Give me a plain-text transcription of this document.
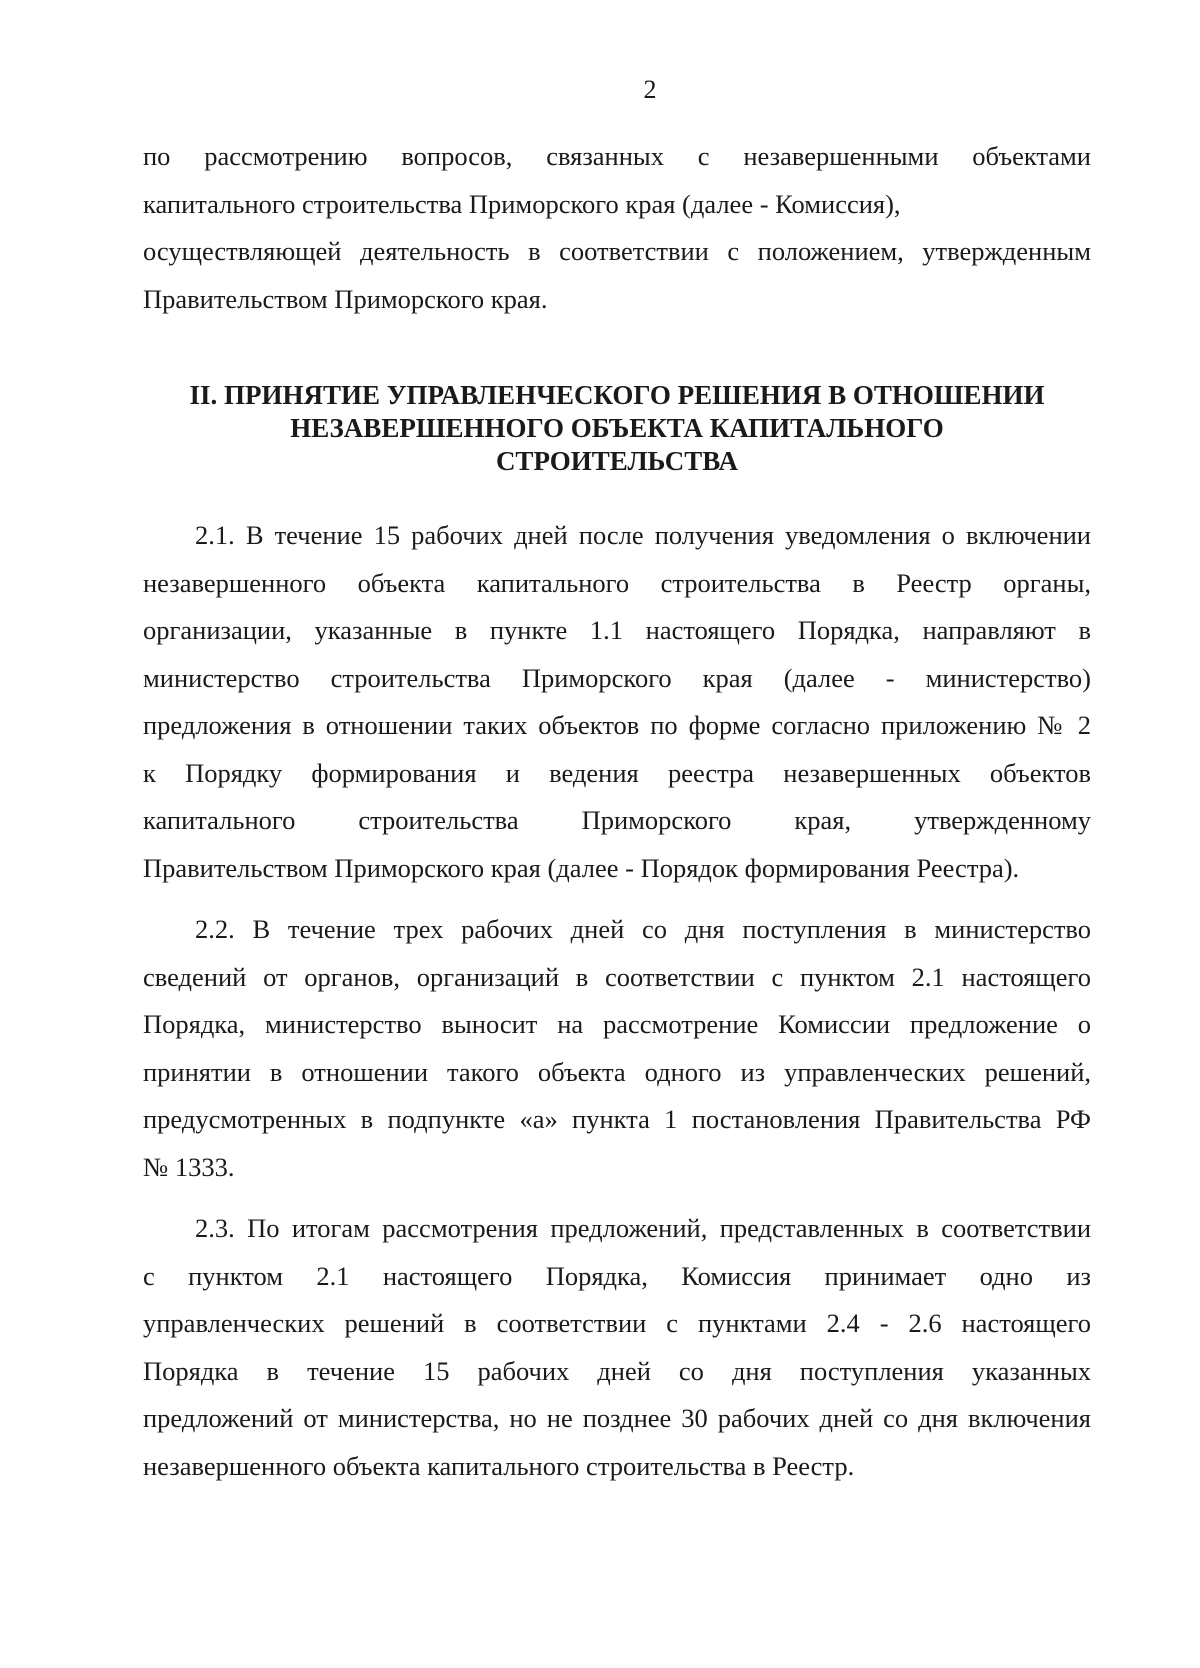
2
по рассмотрению вопросов, связанных с незавершенными объектами
капитального строительства Приморского края (далее - Комиссия),
осуществляющей деятельность в соответствии с положением, утвержденным
Правительством Приморского края.
II. ПРИНЯТИЕ УПРАВЛЕНЧЕСКОГО РЕШЕНИЯ В ОТНОШЕНИИ
НЕЗАВЕРШЕННОГО ОБЪЕКТА КАПИТАЛЬНОГО
СТРОИТЕЛЬСТВА
2.1. В течение 15 рабочих дней после получения уведомления о включении
незавершенного объекта капитального строительства в Реестр органы,
организации, указанные в пункте 1.1 настоящего Порядка, направляют в
министерство строительства Приморского края (далее - министерство)
предложения в отношении таких объектов по форме согласно приложению № 2
к Порядку формирования и ведения реестра незавершенных объектов
капитального строительства Приморского края, утвержденному
Правительством Приморского края (далее - Порядок формирования Реестра).
2.2. В течение трех рабочих дней со дня поступления в министерство
сведений от органов, организаций в соответствии с пунктом 2.1 настоящего
Порядка, министерство выносит на рассмотрение Комиссии предложение о
принятии в отношении такого объекта одного из управленческих решений,
предусмотренных в подпункте «а» пункта 1 постановления Правительства РФ
№ 1333.
2.3. По итогам рассмотрения предложений, представленных в соответствии
с пунктом 2.1 настоящего Порядка, Комиссия принимает одно из
управленческих решений в соответствии с пунктами 2.4 - 2.6 настоящего
Порядка в течение 15 рабочих дней со дня поступления указанных
предложений от министерства, но не позднее 30 рабочих дней со дня включения
незавершенного объекта капитального строительства в Реестр.
